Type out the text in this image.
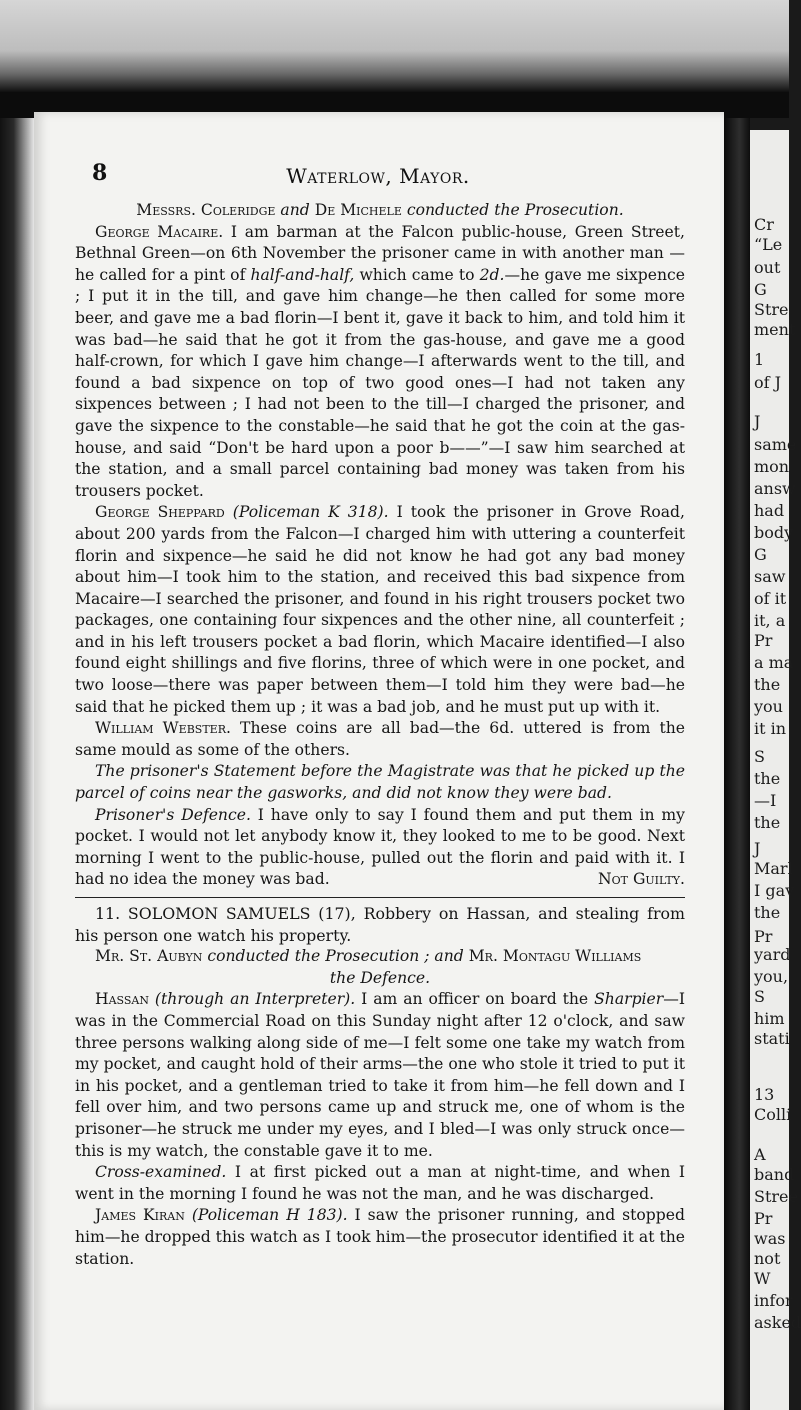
Cr
“Le
out
G
Stre
ment
1
of J
J
same
mon
answ
had
body
G
saw
of it
it, a
Pr
a ma
the
you
it in
S
the
—I
the
J
Marl
I gav
the
Pr
yard
you,
S
him
stati
13
Colli
A
band
Stree
Pr
was
not
W
infor
asked
8	Waterlow, Mayor.

Messrs. Coleridge and De Michele conducted the Prosecution.

George Macaire. I am barman at the Falcon public-house, Green Street, Bethnal Green—on 6th November the prisoner came in with another man —he called for a pint of half-and-half, which came to 2d.—he gave me sixpence ; I put it in the till, and gave him change—he then called for some more beer, and gave me a bad florin—I bent it, gave it back to him, and told him it was bad—he said that he got it from the gas-house, and gave me a good half-crown, for which I gave him change—I afterwards went to the till, and found a bad sixpence on top of two good ones—I had not taken any sixpences between ; I had not been to the till—I charged the prisoner, and gave the sixpence to the constable—he said that he got the coin at the gas-house, and said “Don't be hard upon a poor b——”—I saw him searched at the station, and a small parcel containing bad money was taken from his trousers pocket.

George Sheppard (Policeman K 318). I took the prisoner in Grove Road, about 200 yards from the Falcon—I charged him with uttering a counterfeit florin and sixpence—he said he did not know he had got any bad money about him—I took him to the station, and received this bad sixpence from Macaire—I searched the prisoner, and found in his right trousers pocket two packages, one containing four sixpences and the other nine, all counterfeit ; and in his left trousers pocket a bad florin, which Macaire identified—I also found eight shillings and five florins, three of which were in one pocket, and two loose—there was paper between them—I told him they were bad—he said that he picked them up ; it was a bad job, and he must put up with it.

William Webster. These coins are all bad—the 6d. uttered is from the same mould as some of the others.

The prisoner's Statement before the Magistrate was that he picked up the parcel of coins near the gasworks, and did not know they were bad.

Prisoner's Defence. I have only to say I found them and put them in my pocket. I would not let anybody know it, they looked to me to be good. Next morning I went to the public-house, pulled out the florin and paid with it. I had no idea the money was bad.	Not Guilty.

11. SOLOMON SAMUELS (17), Robbery on Hassan, and stealing from his person one watch his property.

Mr. St. Aubyn conducted the Prosecution ; and Mr. Montagu Williams

the Defence.

Hassan (through an Interpreter). I am an officer on board the Sharpier—I was in the Commercial Road on this Sunday night after 12 o'clock, and saw three persons walking along side of me—I felt some one take my watch from my pocket, and caught hold of their arms—the one who stole it tried to put it in his pocket, and a gentleman tried to take it from him—he fell down and I fell over him, and two persons came up and struck me, one of whom is the prisoner—he struck me under my eyes, and I bled—I was only struck once—this is my watch, the constable gave it to me.

Cross-examined. I at first picked out a man at night-time, and when I went in the morning I found he was not the man, and he was discharged.

James Kiran (Policeman H 183). I saw the prisoner running, and stopped him—he dropped this watch as I took him—the prosecutor identified it at the station.
